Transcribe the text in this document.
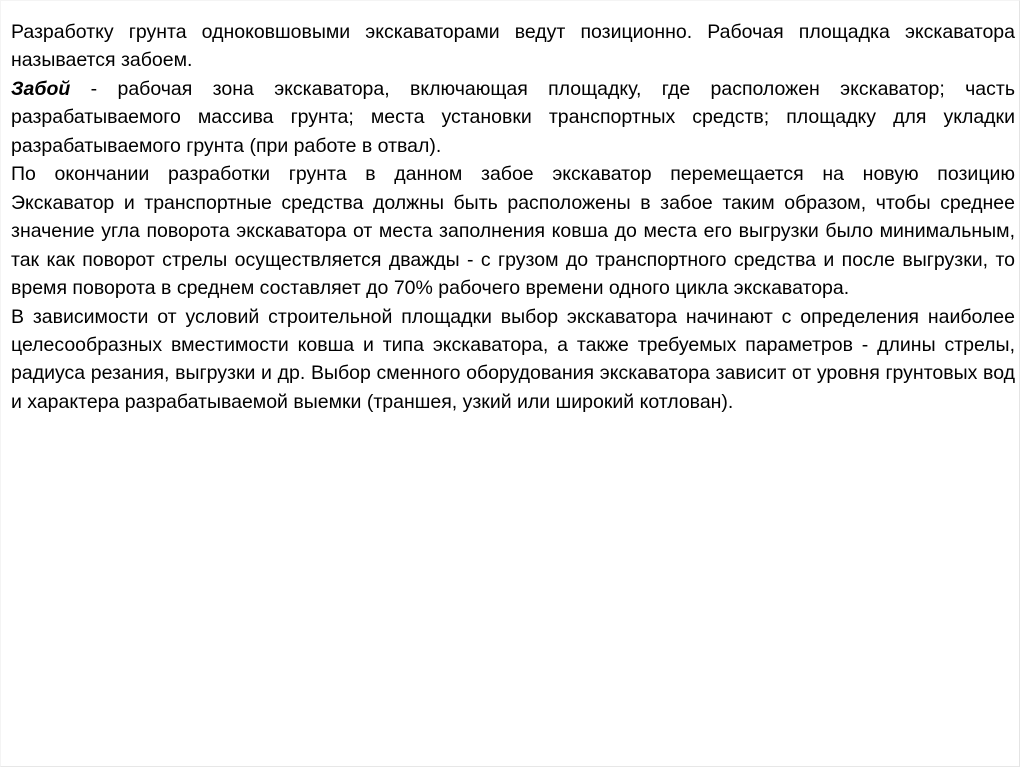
Разработку грунта одноковшовыми экскаваторами ведут позиционно. Рабочая площадка экскаватора называется забоем.

Забой - рабочая зона экскаватора, включающая площадку, где расположен экскаватор; часть разрабатываемого массива грунта; места установки транспортных средств; площадку для укладки разрабатываемого грунта (при работе в отвал).

По окончании разработки грунта в данном забое экскаватор перемещается на новую позицию

Экскаватор и транспортные средства должны быть расположены в забое таким образом, чтобы среднее значение угла поворота экскаватора от места заполнения ковша до места его выгрузки было минимальным, так как поворот стрелы осуществляется дважды - с грузом до транспортного средства и после выгрузки, то время поворота в среднем составляет до 70% рабочего времени одного цикла экскаватора.

В зависимости от условий строительной площадки выбор экскаватора начинают с определения наиболее целесообразных вместимости ковша и типа экскаватора, а также требуемых параметров - длины стрелы, радиуса резания, выгрузки и др. Выбор сменного оборудования экскаватора зависит от уровня грунтовых вод и характера разрабатываемой выемки (траншея, узкий или широкий котлован).
